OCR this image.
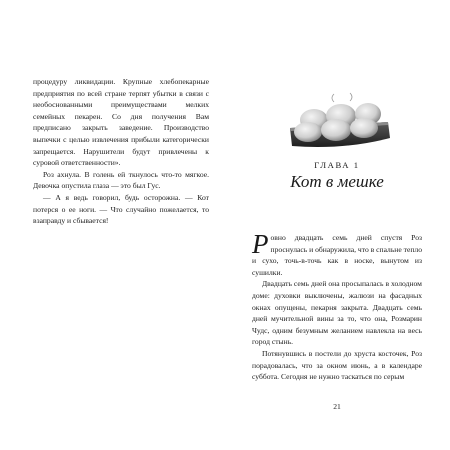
процедуру ликвидации. Крупные хлебопекарные предприятия по всей стране терпят убытки в связи с необоснованными преимуществами мелких семейных пекарен. Со дня получения Вам предписано закрыть заведение. Производство выпечки с целью извлечения прибыли категорически запрещается. Нарушители будут привлечены к суровой ответственности».

Роз ахнула. В голень ей ткнулось что-то мягкое. Девочка опустила глаза — это был Гус.

— А я ведь говорил, будь осторожна. — Кот потерся о ее ноги. — Что случайно пожелается, то взаправду и сбывается!

ГЛАВА 1
Кот в мешке

Ровно двадцать семь дней спустя Роз проснулась и обнаружила, что в спальне тепло и сухо, точь-в-точь как в носке, вынутом из сушилки.

Двадцать семь дней она просыпалась в холодном доме: духовки выключены, жалюзи на фасадных окнах опущены, пекарня закрыта. Двадцать семь дней мучительной вины за то, что она, Розмарин Чудс, одним безумным желанием навлекла на весь город стынь.

Потянувшись в постели до хруста косточек, Роз порадовалась, что за окном июнь, а в календаре суббота. Сегодня не нужно таскаться по серым

21
